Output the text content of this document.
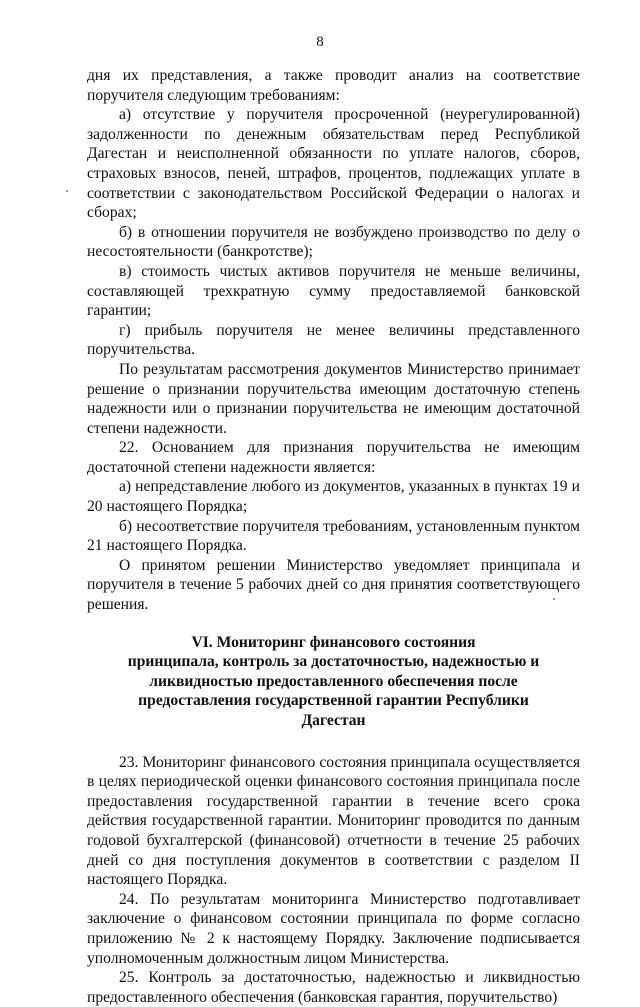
8

дня их представления, а также проводит анализ на соответствие поручителя следующим требованиям:

а) отсутствие у поручителя просроченной (неурегулированной) задолженности по денежным обязательствам перед Республикой Дагестан и неисполненной обязанности по уплате налогов, сборов, страховых взносов, пеней, штрафов, процентов, подлежащих уплате в соответствии с законодательством Российской Федерации о налогах и сборах;

б) в отношении поручителя не возбуждено производство по делу о несостоятельности (банкротстве);

в) стоимость чистых активов поручителя не меньше величины, составляющей трехкратную сумму предоставляемой банковской гарантии;

г) прибыль поручителя не менее величины представленного поручительства.

По результатам рассмотрения документов Министерство принимает решение о признании поручительства имеющим достаточную степень надежности или о признании поручительства не имеющим достаточной степени надежности.

22. Основанием для признания поручительства не имеющим достаточной степени надежности является:

а) непредставление любого из документов, указанных в пунктах 19 и 20 настоящего Порядка;

б) несоответствие поручителя требованиям, установленным пунктом 21 настоящего Порядка.

О принятом решении Министерство уведомляет принципала и поручителя в течение 5 рабочих дней со дня принятия соответствующего решения.

VI. Мониторинг финансового состояния
принципала, контроль за достаточностью, надежностью и
ликвидностью предоставленного обеспечения после
предоставления государственной гарантии Республики
Дагестан

23. Мониторинг финансового состояния принципала осуществляется в целях периодической оценки финансового состояния принципала после предоставления государственной гарантии в течение всего срока действия государственной гарантии. Мониторинг проводится по данным годовой бухгалтерской (финансовой) отчетности в течение 25 рабочих дней со дня поступления документов в соответствии с разделом II настоящего Порядка.

24. По результатам мониторинга Министерство подготавливает заключение о финансовом состоянии принципала по форме согласно приложению № 2 к настоящему Порядку. Заключение подписывается уполномоченным должностным лицом Министерства.

25. Контроль за достаточностью, надежностью и ликвидностью предоставленного обеспечения (банковская гарантия, поручительство)
